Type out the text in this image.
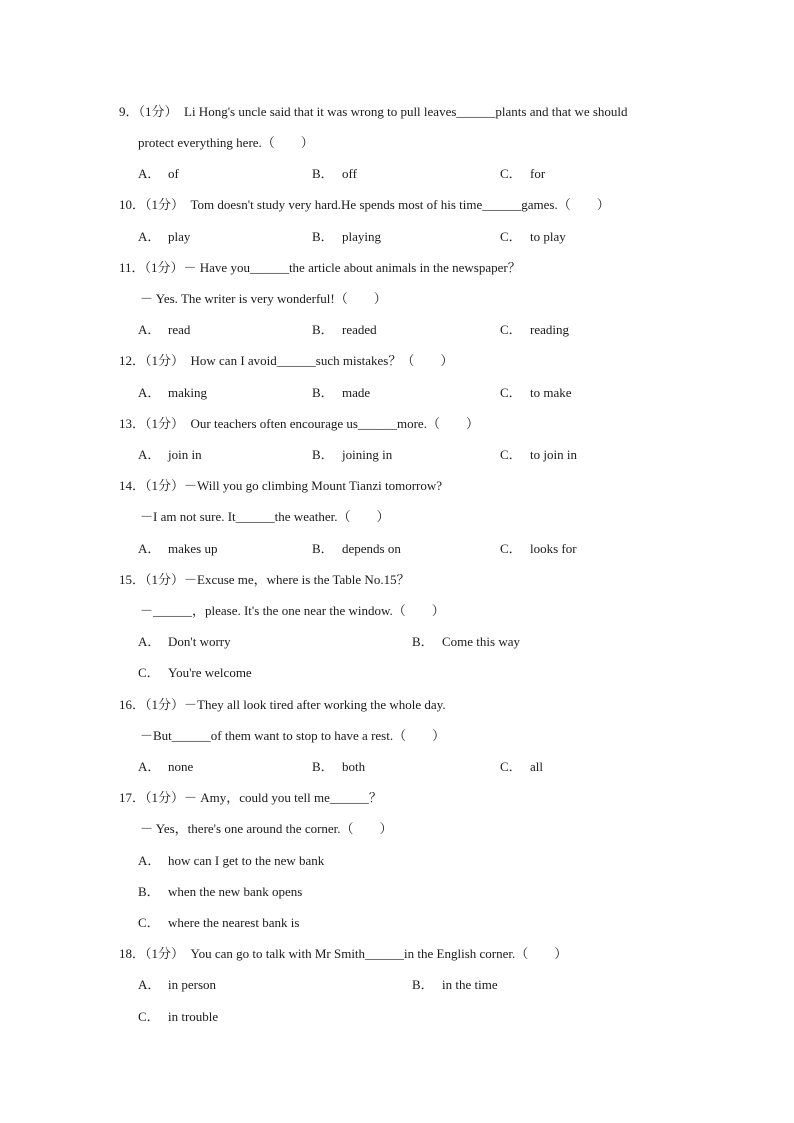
9．（1分）  Li Hong's uncle said that it was wrong to pull leaves______plants and that we should
protect everything here.（　　）
A． of	B． off	C． for
10．（1分）  Tom doesn't study very hard.He spends most of his time______games.（　　）
A． play	B． playing	C． to play
11．（1分）－ Have you______the article about animals in the newspaper？
－ Yes. The writer is very wonderful!（　　）
A． read	B． readed	C． reading
12．（1分）  How can I avoid______such mistakes？（　　）
A． making	B． made	C． to make
13．（1分）  Our teachers often encourage us______more.（　　）
A． join in	B． joining in	C． to join in
14．（1分）－Will you go climbing Mount Tianzi tomorrow?
－I am not sure. It______the weather.（　　）
A． makes up	B． depends on	C． looks for
15．（1分）－Excuse me，where is the Table No.15？
－______，please. It's the one near the window.（　　）
A． Don't worry	B． Come this way
C． You're welcome
16．（1分）－They all look tired after working the whole day.
－But______of them want to stop to have a rest.（　　）
A． none	B． both	C． all
17．（1分）－ Amy，could you tell me______？
－ Yes，there's one around the corner.（　　）
A． how can I get to the new bank
B． when the new bank opens
C． where the nearest bank is
18．（1分）  You can go to talk with Mr Smith______in the English corner.（　　）
A． in person	B． in the time
C． in trouble
